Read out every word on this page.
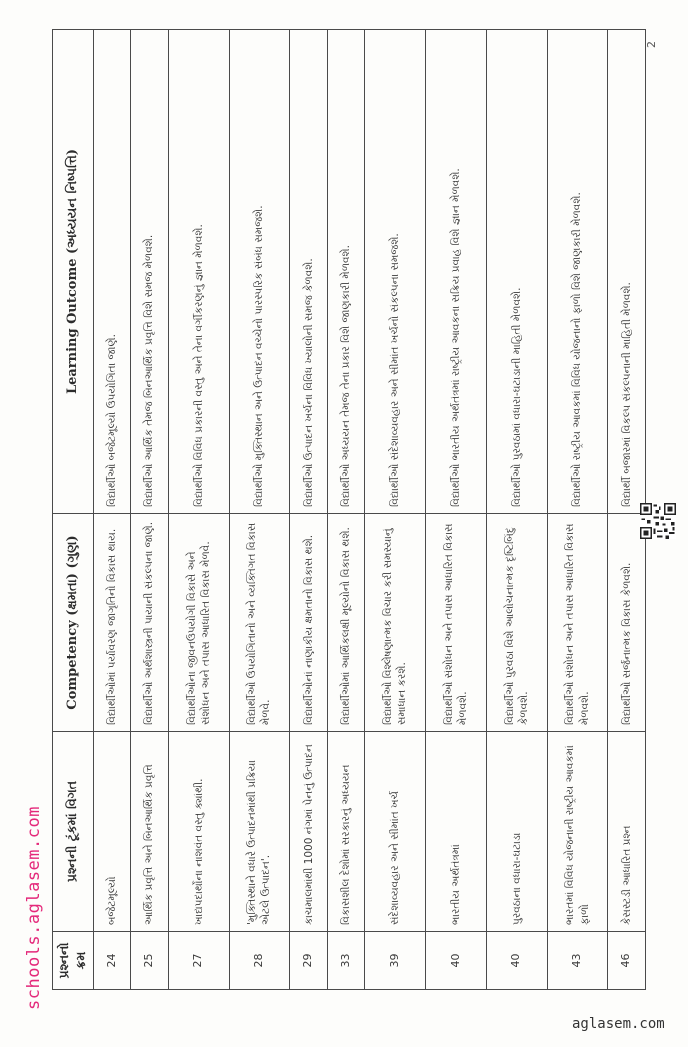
પ્રશ્નનો ક્રમ	પ્રશ્નની ટૂંકમાં વિગત	Competency (ક્ષમતા) (ગુણ)	Learning Outcome (અધ્યયન નિષ્પત્તિ)
24	બજેટમૂલ્યો	વિદ્યાર્થીઓમાં પર્યાવરણ જાગૃતિનો વિકાસ થાય.	વિદ્યાર્થીઓ બજેટમૂલ્યો ઉપયોગિતા જાણે.
25	આર્થિક પ્રવૃત્તિ અને બિનઆર્થિક પ્રવૃત્તિ	વિદ્યાર્થીઓ અર્થશાસ્ત્રની પાયાની સંકલ્પના જાણે.	વિદ્યાર્થીઓ આર્થિક તેમજ બિનઆર્થિક પ્રવૃત્તિ વિશે સમજ મેળવશે.
27	ખાદ્યપદાર્થોના નાશવંત વસ્તુ ક્યાંથી.	વિદ્યાર્થીઓના જીવનઉપયોગી વિકાસે અને સંશોધન અને તપાસ આધારિત વિકાસ મેળવે.	વિદ્યાર્થીઓ વિવિધ પ્રકારની વસ્તુ અને તેના વર્ગીકરણનું જ્ઞાન મેળવશે.
28	'મુક્તિસ્થાને વધારે ઉત્પાદનમાંથી પ્રક્રિયા એટલે ઉત્પાદન'.	વિદ્યાર્થીઓ ઉપયોગિતાનો અને વ્યક્તિગત વિકાસ મેળવે.	વિદ્યાર્થીઓ મુક્તિસ્થાન અને ઉત્પાદન વચ્ચેનો પારસ્પરિક સંબંધ સમજશે.
29	કાચમાલમાંથી 1000 નંગમાં પેનનું ઉત્પાદન	વિદ્યાર્થીઓનાં નાણાકીય ક્ષમતાનો વિકાસ થશે.	વિદ્યાર્થીઓ ઉત્પાદન ખર્ચના વિવિધ ખ્યાલોની સમજ કેળવશે.
33	વિકાસશીલ દેશોમાં સરકારનું અધ્યયન	વિદ્યાર્થીઓમાં આર્થિકલક્ષી મૂલ્યોનો વિકાસ થશે.	વિદ્યાર્થીઓ અધ્યયન તેમજ તેના પ્રકાર વિશે જાણકારી મેળવશે.
39	સંદેશાવ્યવહાર અને સીમાંત ખર્ચ	વિદ્યાર્થીઓ વિશ્લેષણાત્મક વિચાર કરી સમસ્યાનું સમાધાન કરશે.	વિદ્યાર્થીઓ સંદેશાવ્યવહાર અને સીમાંત ખર્ચનો સંકલ્પના સમજશે.
40	ભારતીય અર્થતંત્રમાં	વિદ્યાર્થીઓ સંશોધન અને તપાસ આધારિત વિકાસ મેળવશે.	વિદ્યાર્થીઓ ભારતીય અર્થતંત્રમાં રાષ્ટ્રીય આવકના સક્રિય પ્રવાહ વિશે જ્ઞાન મેળવશે.
40	પુરવઠાના વધારા-ઘટાડા	વિદ્યાર્થીઓ પુરવઠા વિશે આલોચનાત્મક દૃષ્ટિબિંદુ કેળવશે.	વિદ્યાર્થીઓ પુરવઠામાં વધારા-ઘટાડાની માહિતી મેળવશે.
43	ભારતમાં વિવિધ યોજનાની રાષ્ટ્રીય આવકમાં ફાળો	વિદ્યાર્થીઓ સંશોધન અને તપાસ આધારિત વિકાસ મેળવશે.	વિદ્યાર્થીઓ રાષ્ટ્રીય આવકમાં વિવિધ યોજનાનો ફાળો વિશે જાણકારી મેળવશે.
46	કેસસ્ટડી આધારિત પ્રશ્ન	વિદ્યાર્થીઓ સર્જનાત્મક વિકાસ કેળવશે.	વિદ્યાર્થી બજારમાં વિકલ્પ સંકલ્પનાની માહિતી મેળવશે.
2
schools.aglasem.com
aglasem.com
